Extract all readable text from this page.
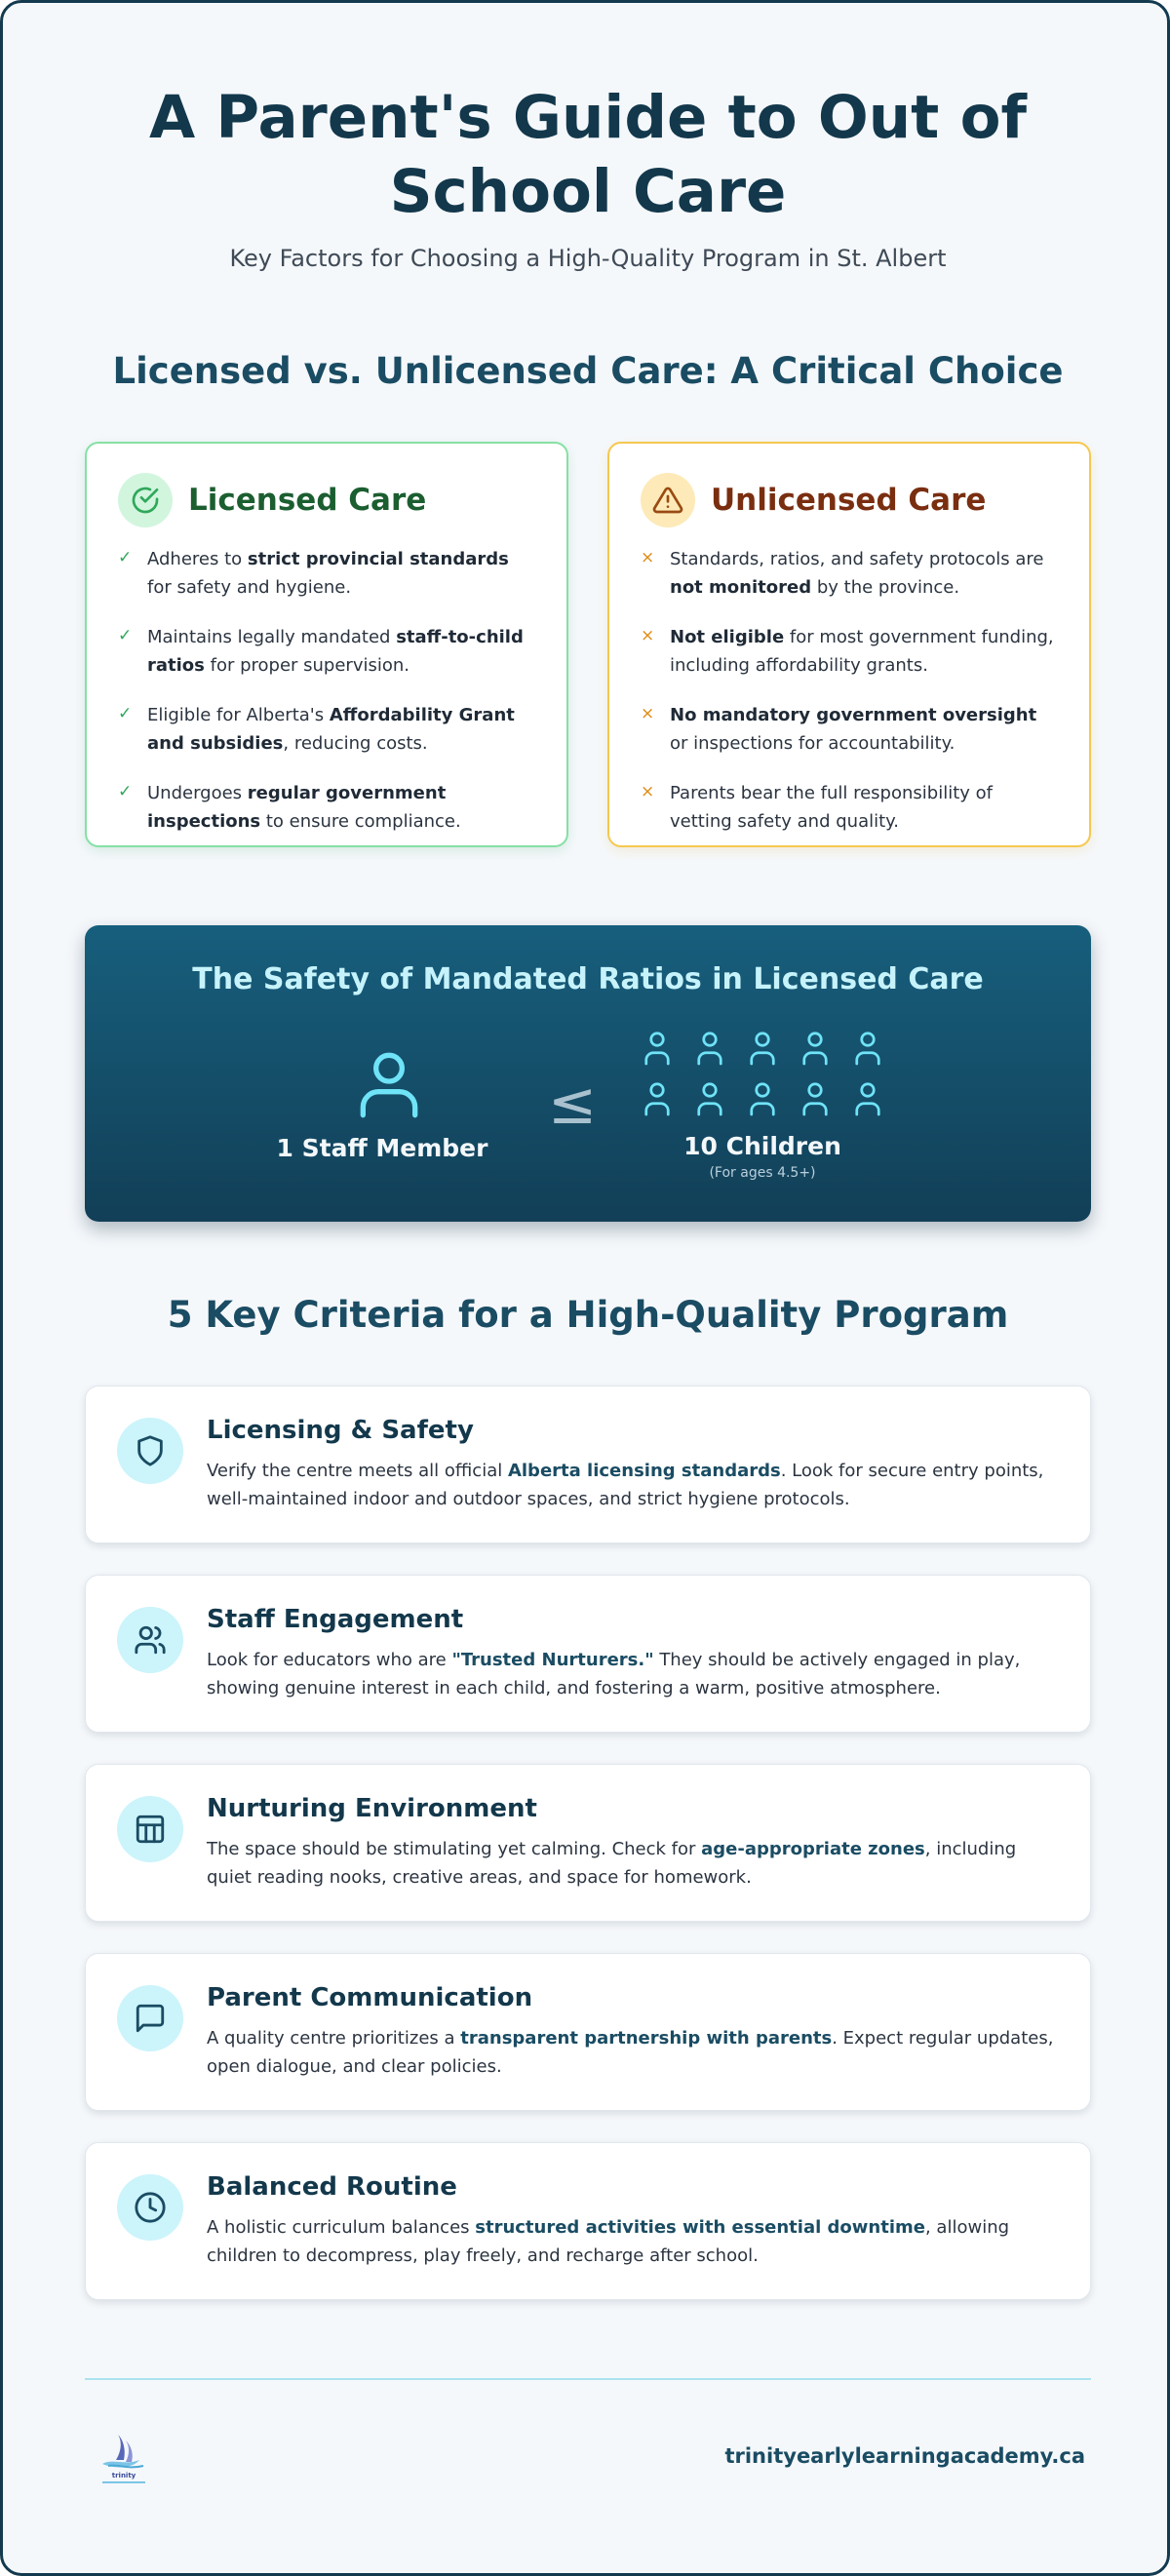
A Parent's Guide to Out of School Care
Key Factors for Choosing a High-Quality Program in St. Albert
Licensed vs. Unlicensed Care: A Critical Choice
Licensed Care
✓ Adheres to strict provincial standards for safety and hygiene.
✓ Maintains legally mandated staff-to-child ratios for proper supervision.
✓ Eligible for Alberta's Affordability Grant and subsidies, reducing costs.
✓ Undergoes regular government inspections to ensure compliance.
Unlicensed Care
× Standards, ratios, and safety protocols are not monitored by the province.
× Not eligible for most government funding, including affordability grants.
× No mandatory government oversight or inspections for accountability.
× Parents bear the full responsibility of vetting safety and quality.
The Safety of Mandated Ratios in Licensed Care
1 Staff Member
≤
10 Children
(For ages 4.5+)
5 Key Criteria for a High-Quality Program
Licensing & Safety
Verify the centre meets all official Alberta licensing standards. Look for secure entry points, well-maintained indoor and outdoor spaces, and strict hygiene protocols.
Staff Engagement
Look for educators who are "Trusted Nurturers." They should be actively engaged in play, showing genuine interest in each child, and fostering a warm, positive atmosphere.
Nurturing Environment
The space should be stimulating yet calming. Check for age-appropriate zones, including quiet reading nooks, creative areas, and space for homework.
Parent Communication
A quality centre prioritizes a transparent partnership with parents. Expect regular updates, open dialogue, and clear policies.
Balanced Routine
A holistic curriculum balances structured activities with essential downtime, allowing children to decompress, play freely, and recharge after school.
trinity
trinityearlylearningacademy.ca
